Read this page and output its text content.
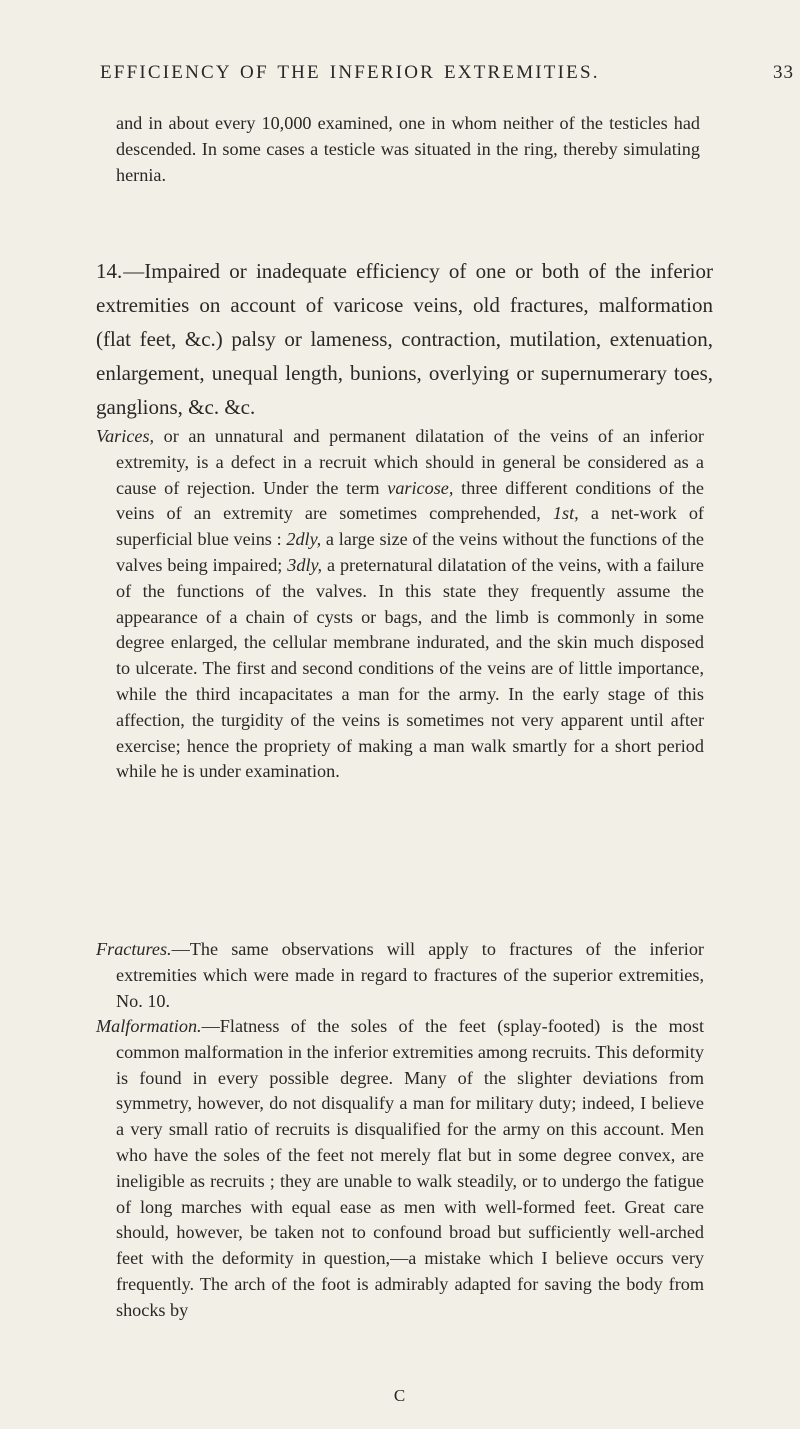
EFFICIENCY OF THE INFERIOR EXTREMITIES.	33
and in about every 10,000 examined, one in whom neither of the testicles had descended. In some cases a testicle was situated in the ring, thereby simulating hernia.
14.—Impaired or inadequate efficiency of one or both of the inferior extremities on account of varicose veins, old fractures, malformation (flat feet, &c.) palsy or lameness, contraction, mutilation, extenuation, enlargement, unequal length, bunions, overlying or supernumerary toes, ganglions, &c. &c.
Varices, or an unnatural and permanent dilatation of the veins of an inferior extremity, is a defect in a recruit which should in general be considered as a cause of rejection. Under the term varicose, three different conditions of the veins of an extremity are sometimes comprehended, 1st, a net-work of superficial blue veins : 2dly, a large size of the veins without the functions of the valves being impaired; 3dly, a preternatural dilatation of the veins, with a failure of the functions of the valves. In this state they frequently assume the appearance of a chain of cysts or bags, and the limb is commonly in some degree enlarged, the cellular membrane indurated, and the skin much disposed to ulcerate. The first and second conditions of the veins are of little importance, while the third incapacitates a man for the army. In the early stage of this affection, the turgidity of the veins is sometimes not very apparent until after exercise; hence the propriety of making a man walk smartly for a short period while he is under examination.
Fractures.—The same observations will apply to fractures of the inferior extremities which were made in regard to fractures of the superior extremities, No. 10.
Malformation.—Flatness of the soles of the feet (splay-footed) is the most common malformation in the inferior extremities among recruits. This deformity is found in every possible degree. Many of the slighter deviations from symmetry, however, do not disqualify a man for military duty; indeed, I believe a very small ratio of recruits is disqualified for the army on this account. Men who have the soles of the feet not merely flat but in some degree convex, are ineligible as recruits ; they are unable to walk steadily, or to undergo the fatigue of long marches with equal ease as men with well-formed feet. Great care should, however, be taken not to confound broad but sufficiently well-arched feet with the deformity in question,—a mistake which I believe occurs very frequently. The arch of the foot is admirably adapted for saving the body from shocks by
C
